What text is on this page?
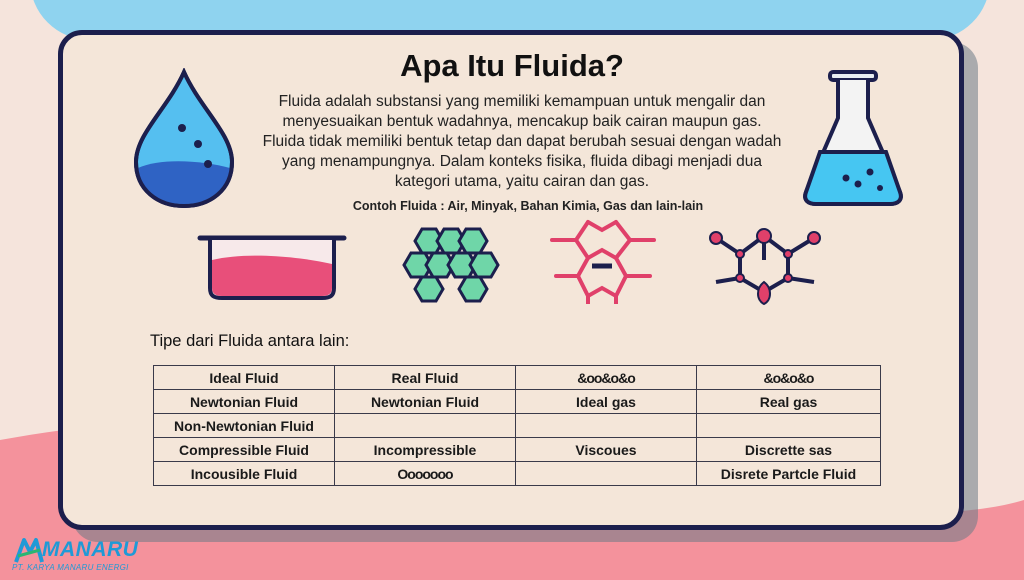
Apa Itu Fluida?
Fluida adalah substansi yang memiliki kemampuan untuk mengalir dan menyesuaikan bentuk wadahnya, mencakup baik cairan maupun gas. Fluida tidak memiliki bentuk tetap dan dapat berubah sesuai dengan wadah yang menampungnya. Dalam konteks fisika, fluida dibagi menjadi dua kategori utama, yaitu cairan dan gas.
Contoh Fluida : Air, Minyak, Bahan Kimia, Gas dan lain-lain
Tipe dari Fluida antara lain:
Ideal Fluid	Real Fluid	&oo&o&o	&o&o&o
Newtonian Fluid	Newtonian Fluid	Ideal gas	Real gas
Non-Newtonian Fluid			
Compressible Fluid	Incompressible	Viscoues	Discrette sas
Incousible Fluid	Ooooooo		Disrete Partcle Fluid
MANARU
PT. KARYA MANARU ENERGI
